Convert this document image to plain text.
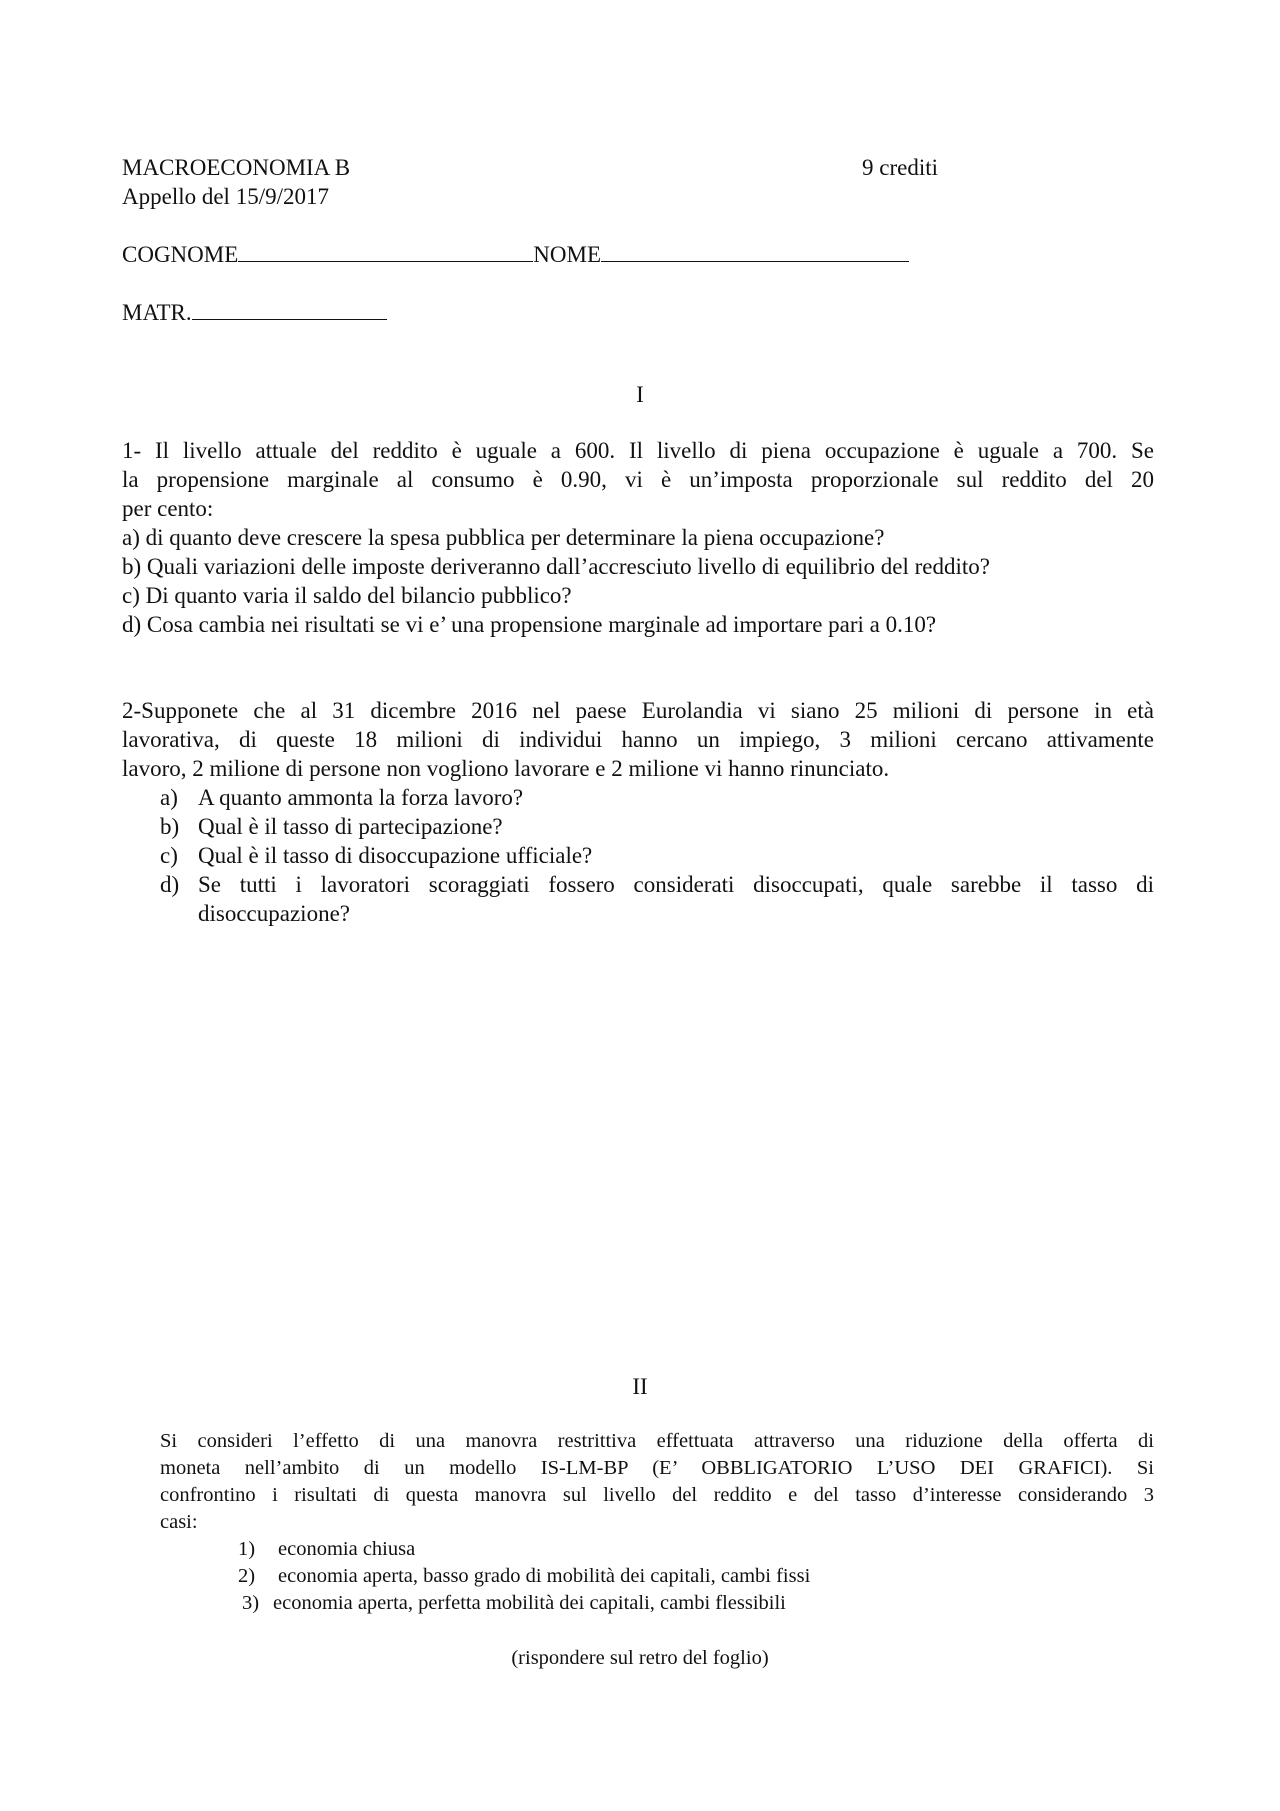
MACROECONOMIA B	9 crediti
Appello del 15/9/2017
COGNOME	NOME
MATR.
I
1- Il livello attuale del reddito è uguale a 600. Il livello di piena occupazione è uguale a 700. Se
la propensione marginale al consumo è 0.90, vi è un’imposta proporzionale sul reddito del 20
per cento:
a) di quanto deve crescere la spesa pubblica per determinare la piena occupazione?
b) Quali variazioni delle imposte deriveranno dall’accresciuto livello di equilibrio del reddito?
c) Di quanto varia il saldo del bilancio pubblico?
d) Cosa cambia nei risultati se vi e’ una propensione marginale ad importare pari a 0.10?
2-Supponete che al 31 dicembre 2016 nel paese Eurolandia vi siano 25 milioni di persone in età
lavorativa, di queste 18 milioni di individui hanno un impiego, 3 milioni cercano attivamente
lavoro, 2 milione di persone non vogliono lavorare e 2 milione vi hanno rinunciato.
a) A quanto ammonta la forza lavoro?
b) Qual è il tasso di partecipazione?
c) Qual è il tasso di disoccupazione ufficiale?
d) Se tutti i lavoratori scoraggiati fossero considerati disoccupati, quale sarebbe il tasso di
disoccupazione?
II
Si consideri l’effetto di una manovra restrittiva effettuata attraverso una riduzione della offerta di
moneta nell’ambito di un modello IS-LM-BP (E’ OBBLIGATORIO L’USO DEI GRAFICI). Si
confrontino i risultati di questa manovra sul livello del reddito e del tasso d’interesse considerando 3
casi:
1) economia chiusa
2) economia aperta, basso grado di mobilità dei capitali, cambi fissi
3) economia aperta, perfetta mobilità dei capitali, cambi flessibili
(rispondere sul retro del foglio)
